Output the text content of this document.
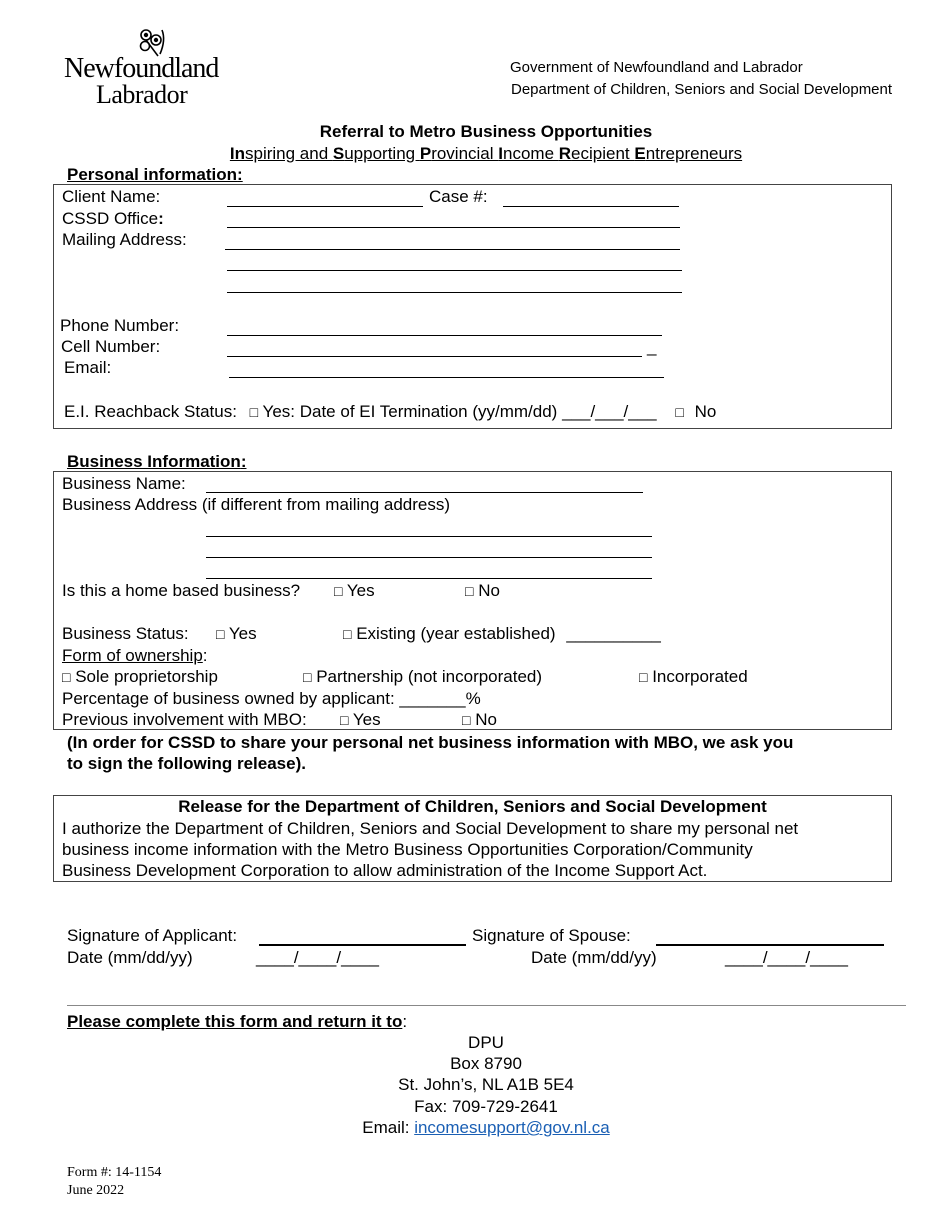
Newfoundland
Labrador
Government of Newfoundland and Labrador
Department of Children, Seniors and Social Development
Referral to Metro Business Opportunities
Inspiring and Supporting Provincial Income Recipient Entrepreneurs
Personal information:
Client Name:	Case #:
CSSD Office:
Mailing Address:
Phone Number:
Cell Number:	_
Email:
E.I. Reachback Status: □ Yes: Date of EI Termination (yy/mm/dd) ___/___/___ □ No
Business Information:
Business Name:
Business Address (if different from mailing address)
Is this a home based business? □ Yes	□ No
Business Status: □ Yes	□ Existing (year established) __________
Form of ownership:
□ Sole proprietorship	□ Partnership (not incorporated)	□ Incorporated
Percentage of business owned by applicant: _______%
Previous involvement with MBO: □ Yes	□ No
(In order for CSSD to share your personal net business information with MBO, we ask you
to sign the following release).
Release for the Department of Children, Seniors and Social Development
I authorize the Department of Children, Seniors and Social Development to share my personal net
business income information with the Metro Business Opportunities Corporation/Community
Business Development Corporation to allow administration of the Income Support Act.
Signature of Applicant:	Signature of Spouse:
Date (mm/dd/yy)	____/____/____	Date (mm/dd/yy)	____/____/____
Please complete this form and return it to:
DPU
Box 8790
St. John’s, NL A1B 5E4
Fax: 709-729-2641
Email: incomesupport@gov.nl.ca
Form #: 14-1154
June 2022
